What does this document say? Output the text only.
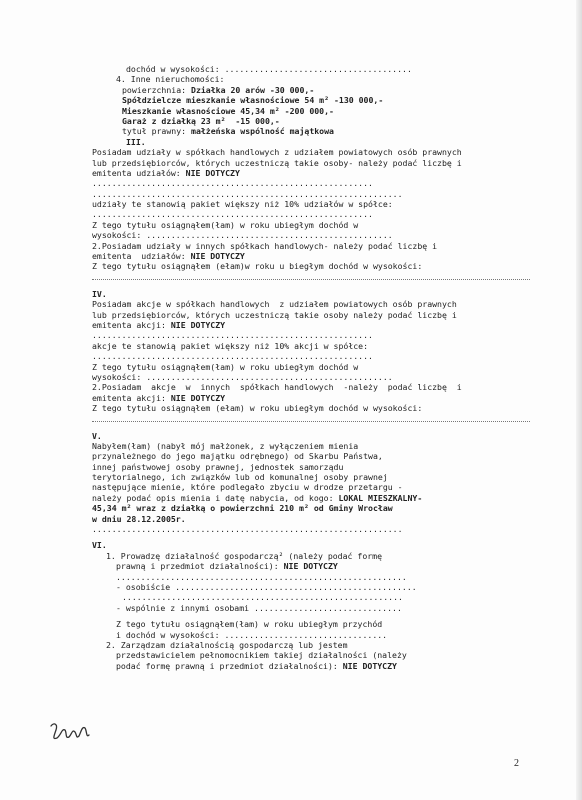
dochód w wysokości: ......................................
4. Inne nieruchomości:
powierzchnia: Działka 20 arów -30 000,-
Spółdzielcze mieszkanie własnościowe 54 m² -130 000,-
Mieszkanie własnościowe 45,34 m² -200 000,-
Garaż z działką 23 m²  -15 000,-
tytuł prawny: małżeńska wspólność majątkowa
III.
Posiadam udziały w spółkach handlowych z udziałem powiatowych osób prawnych
lub przedsiębiorców, których uczestniczą takie osoby- należy podać liczbę i
emitenta udziałów: NIE DOTYCZY
.........................................................
...............................................................
udziały te stanowią pakiet większy niż 10% udziałów w spółce:
.........................................................
Z tego tytułu osiągnąłem(łam) w roku ubiegłym dochód w
wysokości: ..................................................
2.Posiadam udziały w innych spółkach handlowych- należy podać liczbę i
emitenta  udziałów: NIE DOTYCZY
Z tego tytułu osiągnąłem (ełam)w roku u biegłym dochód w wysokości:
IV.
Posiadam akcje w spółkach handlowych  z udziałem powiatowych osób prawnych
lub przedsiębiorców, których uczestniczą takie osoby należy podać liczbę i
emitenta akcji: NIE DOTYCZY
.........................................................
akcje te stanowią pakiet większy niż 10% akcji w spółce:
.........................................................
Z tego tytułu osiągnąłem(łam) w roku ubiegłym dochód w
wysokości: ..................................................
2.Posiadam  akcje  w  innych  spółkach handlowych  -należy  podać liczbę  i
emitenta akcji: NIE DOTYCZY
Z tego tytułu osiągnąłem (ełam) w roku ubiegłym dochód w wysokości:
V.
Nabyłem(łam) (nabył mój małżonek, z wyłączeniem mienia
przynależnego do jego majątku odrębnego) od Skarbu Państwa,
innej państwowej osoby prawnej, jednostek samorządu
terytorialnego, ich związków lub od komunalnej osoby prawnej
następujące mienie, które podlegało zbyciu w drodze przetargu -
należy podać opis mienia i datę nabycia, od kogo: LOKAL MIESZKALNY-
45,34 m² wraz z działką o powierzchni 210 m² od Gminy Wrocław
w dniu 28.12.2005r.
...............................................................
VI.
1. Prowadzę działalność gospodarczą² (należy podać formę
prawną i przedmiot działalności): NIE DOTYCZY
...........................................................
- osobiście .................................................
.........................................................
- wspólnie z innymi osobami ..............................
Z tego tytułu osiągnąłem(łam) w roku ubiegłym przychód
i dochód w wysokości: .................................
2. Zarządzam działalnością gospodarczą lub jestem
przedstawicielem pełnomocnikiem takiej działalności (należy
podać formę prawną i przedmiot działalności): NIE DOTYCZY
2
